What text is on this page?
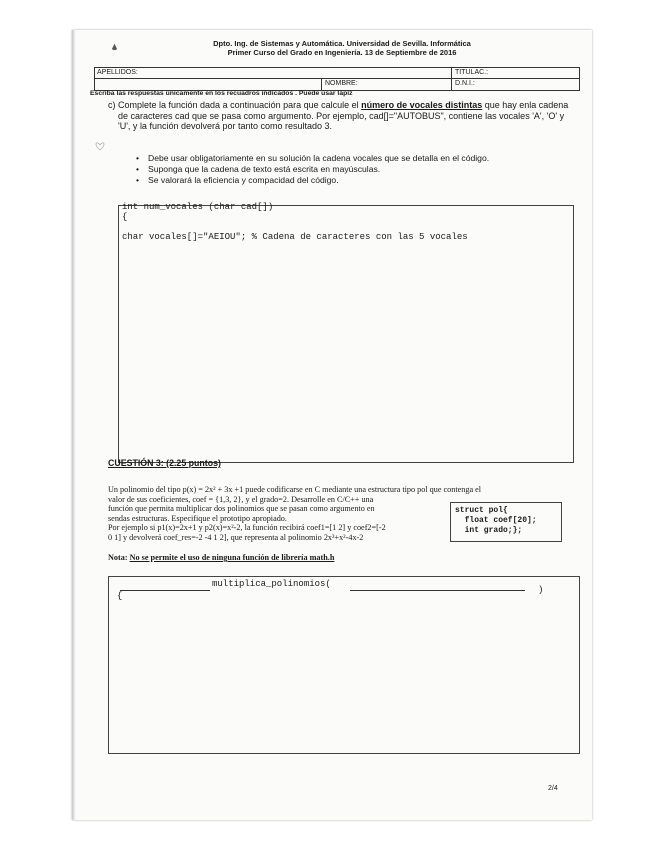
Dpto. Ing. de Sistemas y Automática. Universidad de Sevilla. Informática
Primer Curso del Grado en Ingeniería. 13 de Septiembre de 2016
APELLIDOS:	TITULAC.:
NOMBRE:	D.N.I.:
Escriba las respuestas únicamente en los recuadros indicados . Puede usar lápiz
c) Complete la función dada a continuación para que calcule el número de vocales distintas que hay enla cadena de caracteres cad que se pasa como argumento. Por ejemplo, cad[]="AUTOBUS", contiene las vocales 'A', 'O' y 'U', y la función devolverá por tanto como resultado 3.
• Debe usar obligatoriamente en su solución la cadena vocales que se detalla en el código.
• Suponga que la cadena de texto está escrita en mayúsculas.
• Se valorará la eficiencia y compacidad del código.
int num_vocales (char cad[])
{
char vocales[]="AEIOU"; % Cadena de caracteres con las 5 vocales
CUESTIÓN 3: (2.25 puntos)
Un polinomio del tipo p(x) = 2x² + 3x +1 puede codificarse en C mediante una estructura tipo pol que contenga el
valor de sus coeficientes, coef = {1,3, 2}, y el grado=2. Desarrolle en C/C++ una
función que permita multiplicar dos polinomios que se pasan como argumento en
sendas estructuras. Especifique el prototipo apropiado.
Por ejemplo si p1(x)=2x+1 y p2(x)=x²-2, la función recibirá coef1=[1 2] y coef2=[-2
0 1] y devolverá coef_res=-2 -4 1 2], que representa al polinomio 2x³+x²-4x-2
struct pol{
float coef[20];
int grado;};
Nota: No se permite el uso de ninguna función de librería math.h
multiplica_polinomios(
)
{
2/4
